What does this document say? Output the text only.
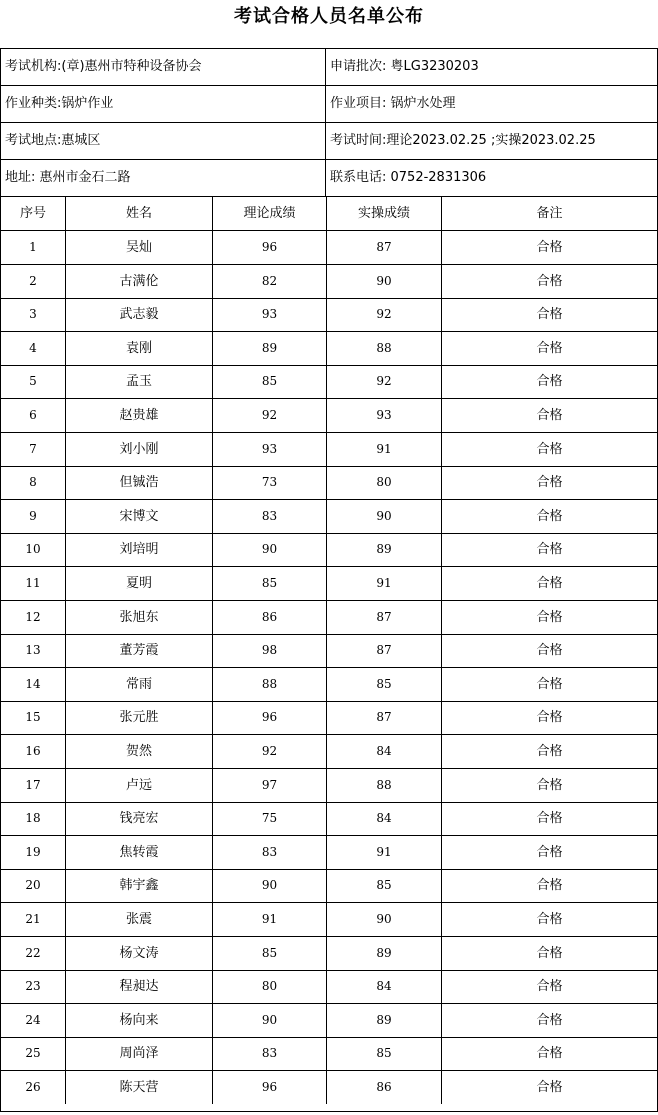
考试合格人员名单公布
考试机构:(章)惠州市特种设备协会	申请批次: 粤LG3230203
作业种类:锅炉作业	作业项目: 锅炉水处理
考试地点:惠城区	考试时间:理论2023.02.25 ;实操2023.02.25
地址: 惠州市金石二路	联系电话: 0752-2831306
序号	姓名	理论成绩	实操成绩	备注
1	吴灿	96	87	合格
2	古满伦	82	90	合格
3	武志毅	93	92	合格
4	袁刚	89	88	合格
5	孟玉	85	92	合格
6	赵贵雄	92	93	合格
7	刘小刚	93	91	合格
8	但铖浩	73	80	合格
9	宋博文	83	90	合格
10	刘培明	90	89	合格
11	夏明	85	91	合格
12	张旭东	86	87	合格
13	董芳霞	98	87	合格
14	常雨	88	85	合格
15	张元胜	96	87	合格
16	贺然	92	84	合格
17	卢远	97	88	合格
18	钱亮宏	75	84	合格
19	焦转霞	83	91	合格
20	韩宇鑫	90	85	合格
21	张震	91	90	合格
22	杨文涛	85	89	合格
23	程昶达	80	84	合格
24	杨向来	90	89	合格
25	周尚泽	83	85	合格
26	陈天营	96	86	合格
